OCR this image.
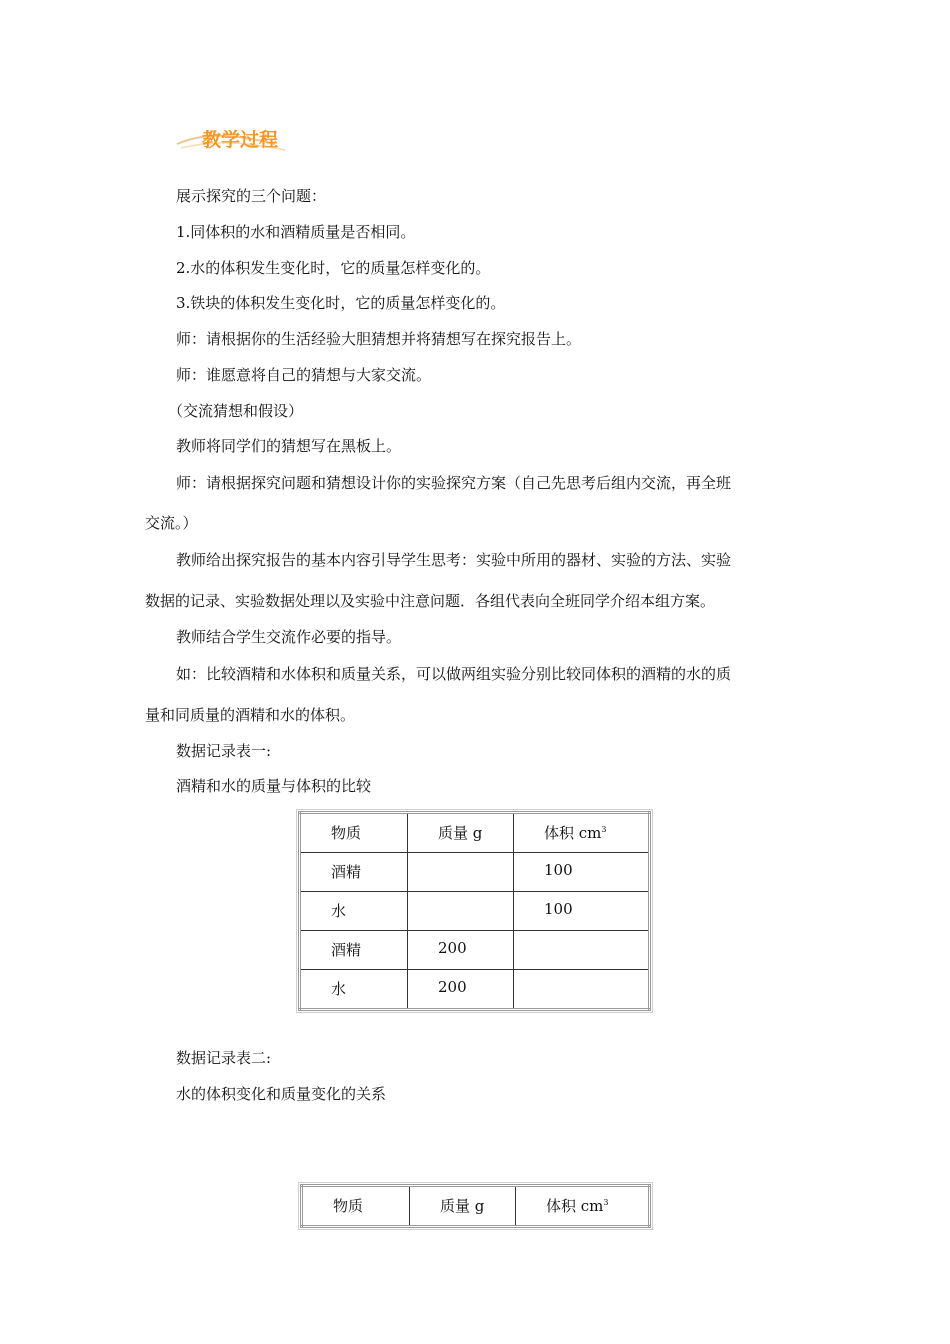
教学过程
展示探究的三个问题：
1.同体积的水和酒精质量是否相同。
2.水的体积发生变化时，它的质量怎样变化的。
3.铁块的体积发生变化时，它的质量怎样变化的。
师：请根据你的生活经验大胆猜想并将猜想写在探究报告上。
师：谁愿意将自己的猜想与大家交流。
（交流猜想和假设）
教师将同学们的猜想写在黑板上。
师：请根据探究问题和猜想设计你的实验探究方案（自己先思考后组内交流，再全班
交流。）
教师给出探究报告的基本内容引导学生思考：实验中所用的器材、实验的方法、实验
数据的记录、实验数据处理以及实验中注意问题．各组代表向全班同学介绍本组方案。
教师结合学生交流作必要的指导。
如：比较酒精和水体积和质量关系，可以做两组实验分别比较同体积的酒精的水的质
量和同质量的酒精和水的体积。
数据记录表一:
酒精和水的质量与体积的比较
物质	质量 g	体积 $cm^3$
酒精		100
水		100
酒精	200	
水	200	
数据记录表二:
水的体积变化和质量变化的关系
物质	质量 g	体积 $cm^3$
